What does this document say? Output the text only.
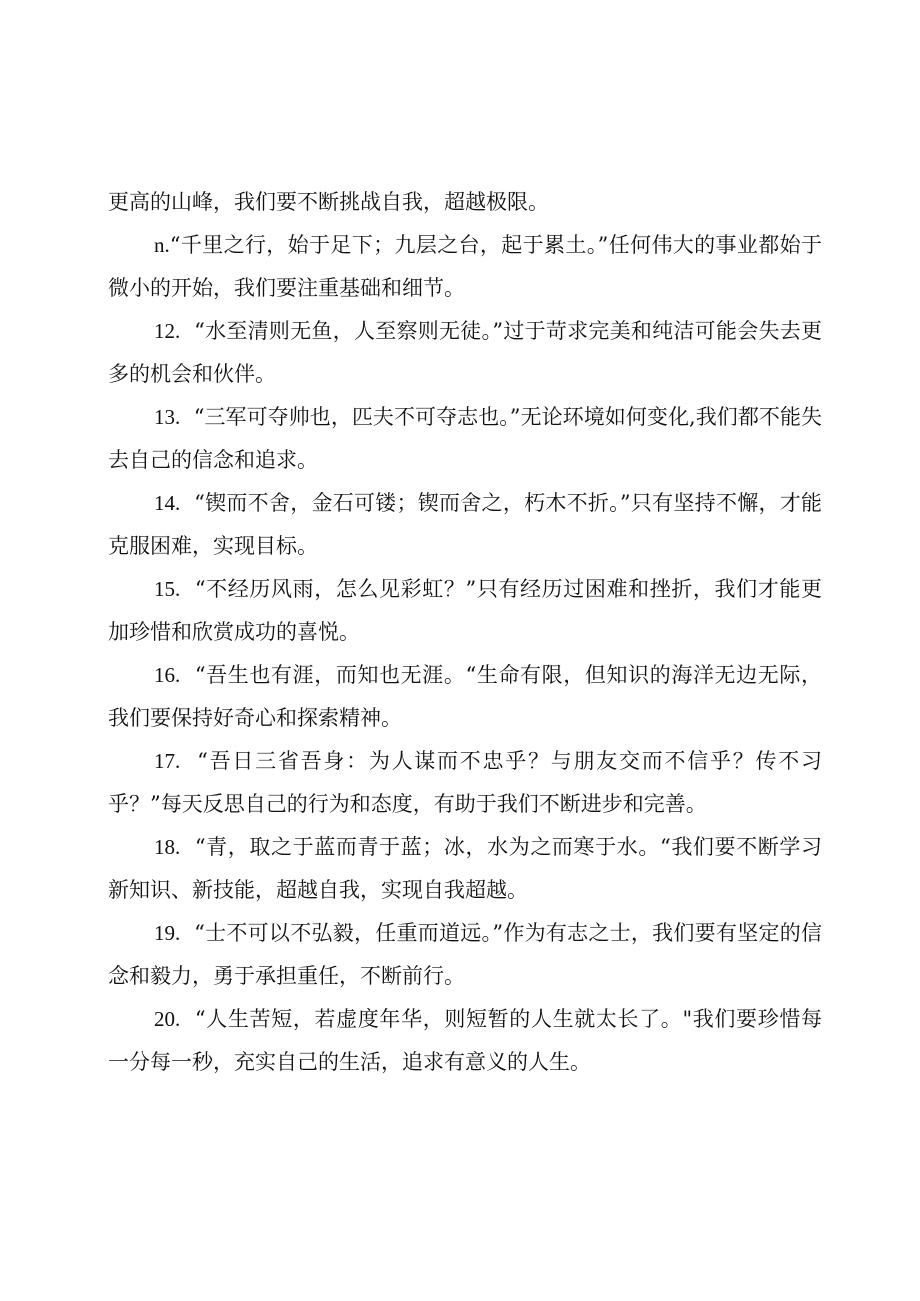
更高的山峰，我们要不断挑战自我，超越极限。

n.“千里之行，始于足下；九层之台，起于累土。”任何伟大的事业都始于微小的开始，我们要注重基础和细节。

12. “水至清则无鱼，人至察则无徒。”过于苛求完美和纯洁可能会失去更多的机会和伙伴。

13. “三军可夺帅也，匹夫不可夺志也。”无论环境如何变化,我们都不能失去自己的信念和追求。

14. “锲而不舍，金石可镂；锲而舍之，朽木不折。”只有坚持不懈，才能克服困难，实现目标。

15. “不经历风雨，怎么见彩虹？”只有经历过困难和挫折，我们才能更加珍惜和欣赏成功的喜悦。

16. “吾生也有涯，而知也无涯。“生命有限，但知识的海洋无边无际，我们要保持好奇心和探索精神。

17. “吾日三省吾身：为人谋而不忠乎？与朋友交而不信乎？传不习乎？”每天反思自己的行为和态度，有助于我们不断进步和完善。

18. “青，取之于蓝而青于蓝；冰，水为之而寒于水。“我们要不断学习新知识、新技能，超越自我，实现自我超越。

19. “士不可以不弘毅，任重而道远。”作为有志之士，我们要有坚定的信念和毅力，勇于承担重任，不断前行。

20. “人生苦短，若虚度年华，则短暂的人生就太长了。"我们要珍惜每一分每一秒，充实自己的生活，追求有意义的人生。
